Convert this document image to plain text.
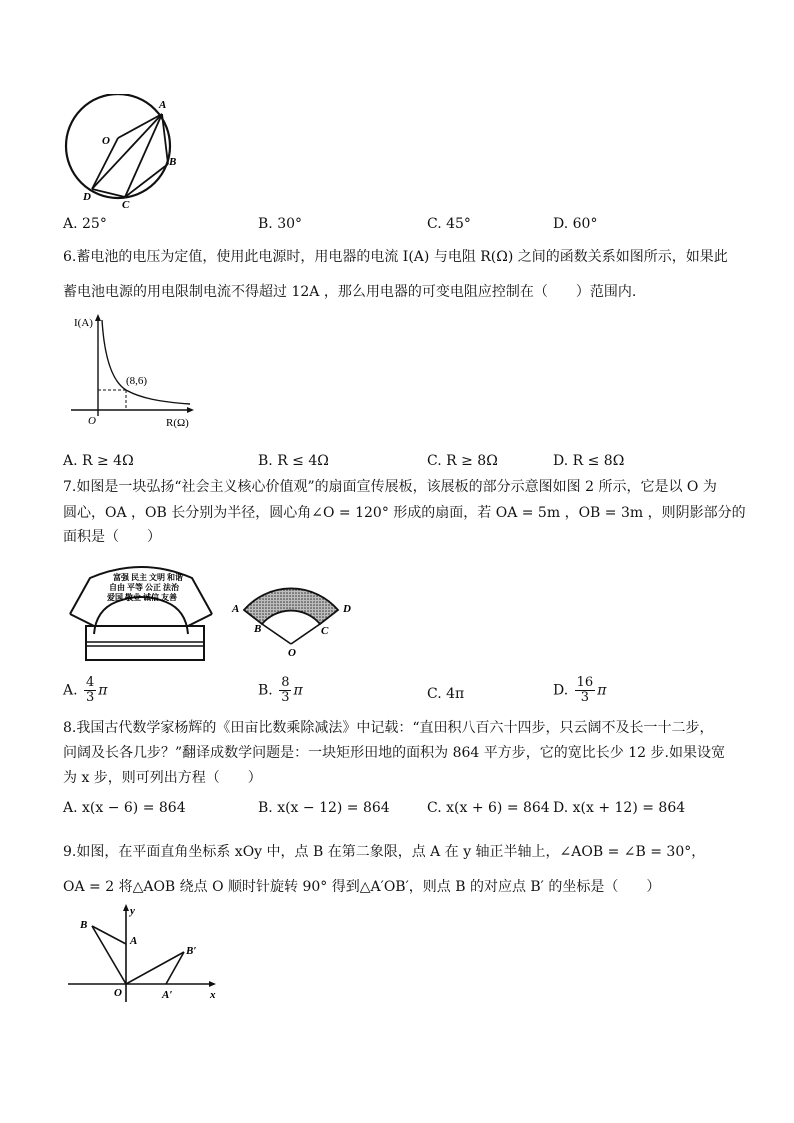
O
A
B
C
D
A. 25°	B. 30°	C. 45°	D. 60°
6.蓄电池的电压为定值，使用此电源时，用电器的电流 I(A) 与电阻 R(Ω) 之间的函数关系如图所示，如果此
蓄电池电源的用电限制电流不得超过 12A ，那么用电器的可变电阻应控制在（　　）范围内.
I(A)
R(Ω)
O
(8,6)
A. R ≥ 4Ω	B. R ≤ 4Ω	C. R ≥ 8Ω	D. R ≤ 8Ω
7.如图是一块弘扬“社会主义核心价值观”的扇面宣传展板，该展板的部分示意图如图 2 所示，它是以 O 为
圆心，OA ，OB 长分别为半径，圆心角∠O = 120° 形成的扇面，若 OA = 5m ，OB = 3m ，则阴影部分的
面积是（　　）
富强 民主 文明 和谐
自由 平等 公正 法治
爱国 敬业 诚信 友善
A
B	C
D
O
A. $\frac{4}{3}$ π	B. $\frac{8}{3}$ π	C. 4π	D. $\frac{16}{3}$ π
8.我国古代数学家杨辉的《田亩比数乘除减法》中记载：“直田积八百六十四步，只云阔不及长一十二步，
问阔及长各几步？”翻译成数学问题是：一块矩形田地的面积为 864 平方步，它的宽比长少 12 步.如果设宽
为 x 步，则可列出方程（　　）
A. x(x − 6) = 864	B. x(x − 12) = 864	C. x(x + 6) = 864 D. x(x + 12) = 864
9.如图，在平面直角坐标系 xOy 中，点 B 在第二象限，点 A 在 y 轴正半轴上，∠AOB = ∠B = 30°，
OA = 2 将△AOB 绕点 O 顺时针旋转 90° 得到△A′OB′，则点 B 的对应点 B′ 的坐标是（　　）
B
A
B′
A′
O	x
y
